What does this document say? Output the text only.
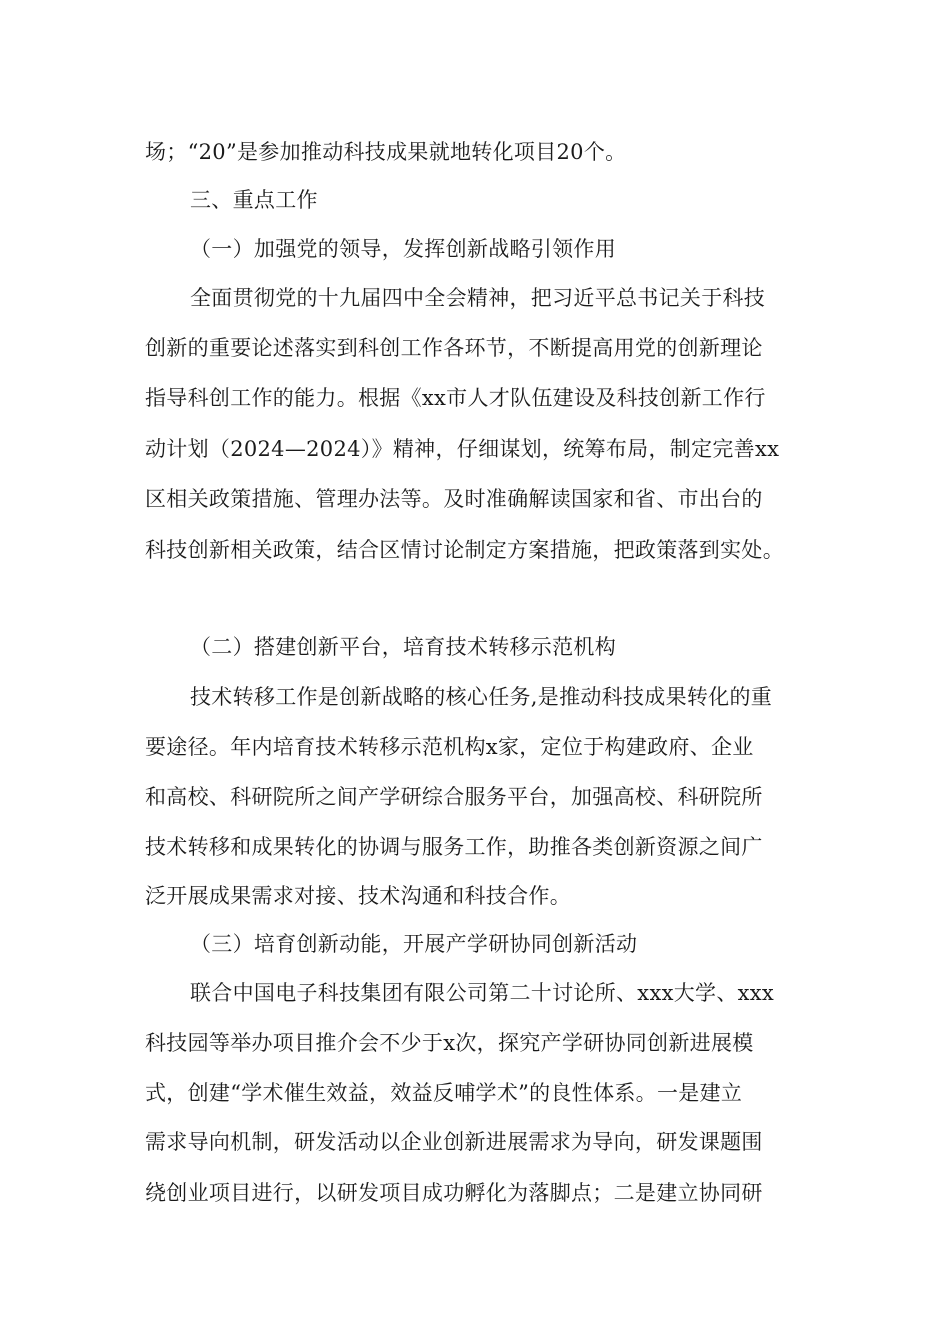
场；“20”是参加推动科技成果就地转化项目20个。
三、重点工作
（一）加强党的领导，发挥创新战略引领作用
全面贯彻党的十九届四中全会精神，把习近平总书记关于科技
创新的重要论述落实到科创工作各环节，不断提高用党的创新理论
指导科创工作的能力。根据《xx市人才队伍建设及科技创新工作行
动计划（2024—2024）》精神，仔细谋划，统筹布局，制定完善xx
区相关政策措施、管理办法等。及时准确解读国家和省、市出台的
科技创新相关政策，结合区情讨论制定方案措施，把政策落到实处。
（二）搭建创新平台，培育技术转移示范机构
技术转移工作是创新战略的核心任务,是推动科技成果转化的重
要途径。年内培育技术转移示范机构x家，定位于构建政府、企业
和高校、科研院所之间产学研综合服务平台，加强高校、科研院所
技术转移和成果转化的协调与服务工作，助推各类创新资源之间广
泛开展成果需求对接、技术沟通和科技合作。
（三）培育创新动能，开展产学研协同创新活动
联合中国电子科技集团有限公司第二十讨论所、xxx大学、xxx
科技园等举办项目推介会不少于x次，探究产学研协同创新进展模
式，创建“学术催生效益，效益反哺学术”的良性体系。一是建立
需求导向机制，研发活动以企业创新进展需求为导向，研发课题围
绕创业项目进行，以研发项目成功孵化为落脚点；二是建立协同研
